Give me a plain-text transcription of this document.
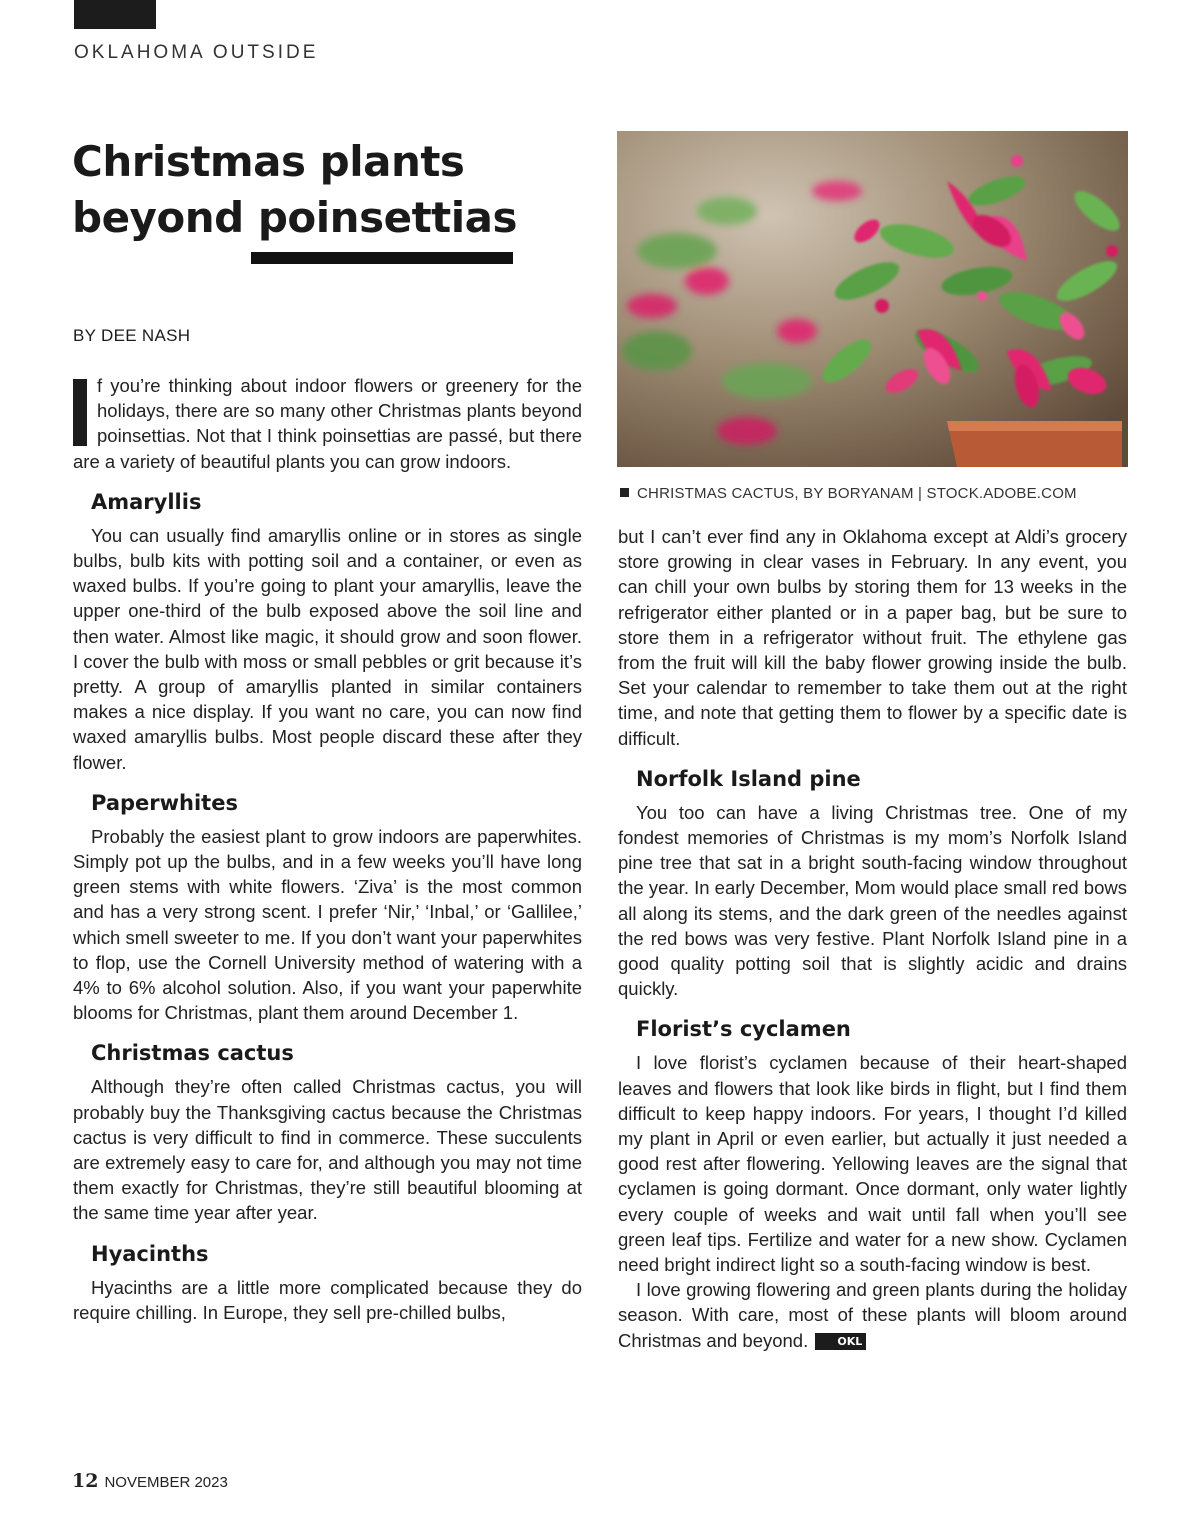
OKLAHOMA OUTSIDE
Christmas plants
beyond poinsettias
BY DEE NASH

f you’re thinking about indoor flowers or greenery for the holidays, there are so many other Christmas plants beyond poinsettias. Not that I think poinsettias are passé, but there are a variety of beautiful plants you can grow indoors.

Amaryllis

You can usually find amaryllis online or in stores as single bulbs, bulb kits with potting soil and a container, or even as waxed bulbs. If you’re going to plant your amaryllis, leave the upper one-third of the bulb exposed above the soil line and then water. Almost like magic, it should grow and soon flower. I cover the bulb with moss or small pebbles or grit because it’s pretty. A group of amaryllis planted in similar containers makes a nice display. If you want no care, you can now find waxed amaryllis bulbs. Most people discard these after they flower.

Paperwhites

Probably the easiest plant to grow indoors are paperwhites. Simply pot up the bulbs, and in a few weeks you’ll have long green stems with white flowers. ‘Ziva’ is the most common and has a very strong scent. I prefer ‘Nir,’ ‘Inbal,’ or ‘Gallilee,’ which smell sweeter to me. If you don’t want your paperwhites to flop, use the Cornell University method of watering with a 4% to 6% alcohol solution. Also, if you want your paperwhite blooms for Christmas, plant them around December 1.

Christmas cactus

Although they’re often called Christmas cactus, you will probably buy the Thanksgiving cactus because the Christmas cactus is very difficult to find in commerce. These succulents are extremely easy to care for, and although you may not time them exactly for Christmas, they’re still beautiful blooming at the same time year after year.

Hyacinths

Hyacinths are a little more complicated because they do require chilling. In Europe, they sell pre-chilled bulbs,

CHRISTMAS CACTUS, BY BORYANAM | STOCK.ADOBE.COM

but I can’t ever find any in Oklahoma except at Aldi’s grocery store growing in clear vases in February. In any event, you can chill your own bulbs by storing them for 13 weeks in the refrigerator either planted or in a paper bag, but be sure to store them in a refrigerator without fruit. The ethylene gas from the fruit will kill the baby flower growing inside the bulb. Set your calendar to remember to take them out at the right time, and note that getting them to flower by a specific date is difficult.

Norfolk Island pine

You too can have a living Christmas tree. One of my fondest memories of Christmas is my mom’s Norfolk Island pine tree that sat in a bright south-facing window throughout the year. In early December, Mom would place small red bows all along its stems, and the dark green of the needles against the red bows was very festive. Plant Norfolk Island pine in a good quality potting soil that is slightly acidic and drains quickly.

Florist’s cyclamen

I love florist’s cyclamen because of their heart-shaped leaves and flowers that look like birds in flight, but I find them difficult to keep happy indoors. For years, I thought I’d killed my plant in April or even earlier, but actually it just needed a good rest after flowering. Yellowing leaves are the signal that cyclamen is going dormant. Once dormant, only water lightly every couple of weeks and wait until fall when you’ll see green leaf tips. Fertilize and water for a new show. Cyclamen need bright indirect light so a south-facing window is best.

I love growing flowering and green plants during the holiday season. With care, most of these plants will bloom around Christmas and beyond.	OKL

12 NOVEMBER 2023
